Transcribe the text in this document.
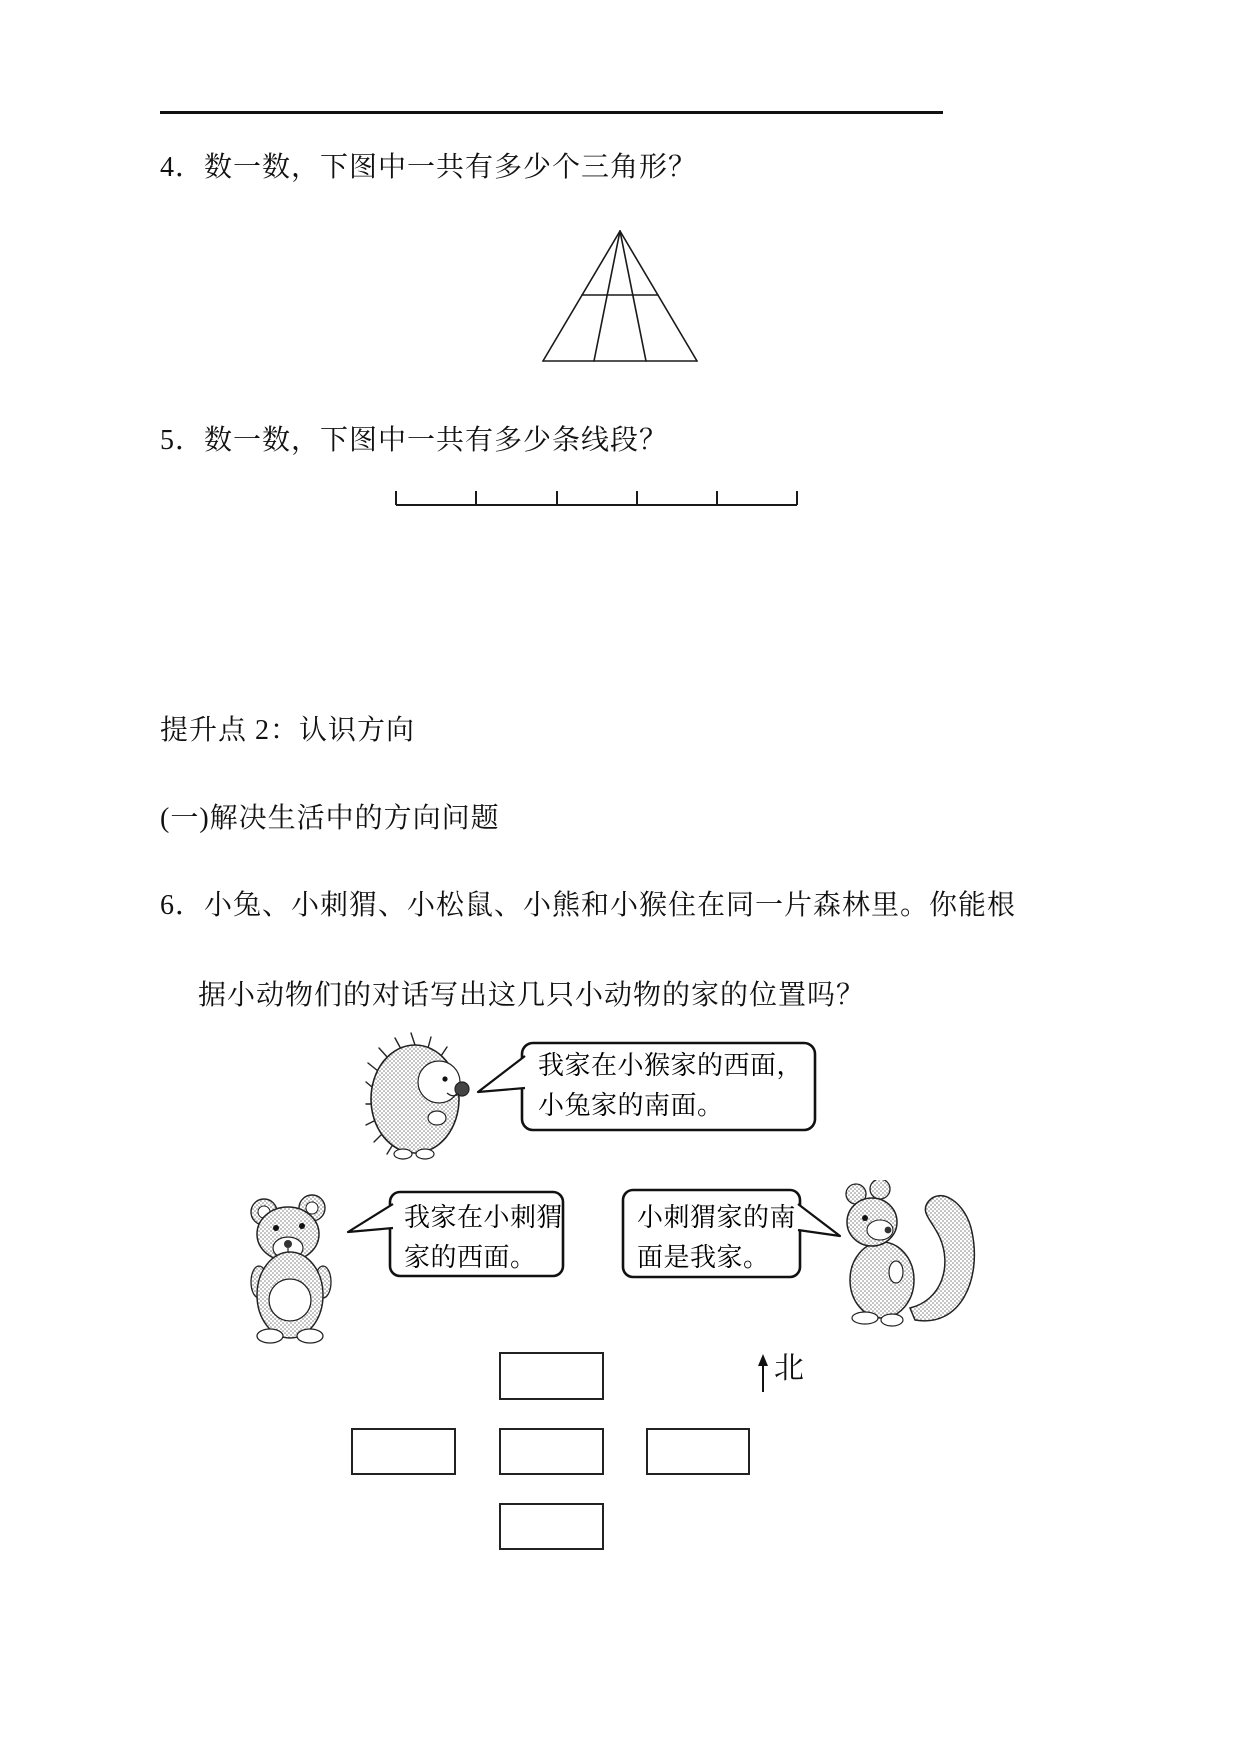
4．数一数，下图中一共有多少个三角形？
5．数一数，下图中一共有多少条线段？
提升点 2：认识方向
(一)解决生活中的方向问题
6．小兔、小刺猬、小松鼠、小熊和小猴住在同一片森林里。你能根
据小动物们的对话写出这几只小动物的家的位置吗？
我家在小猴家的西面，
小兔家的南面。
我家在小刺猬
家的西面。
小刺猬家的南
面是我家。
北
